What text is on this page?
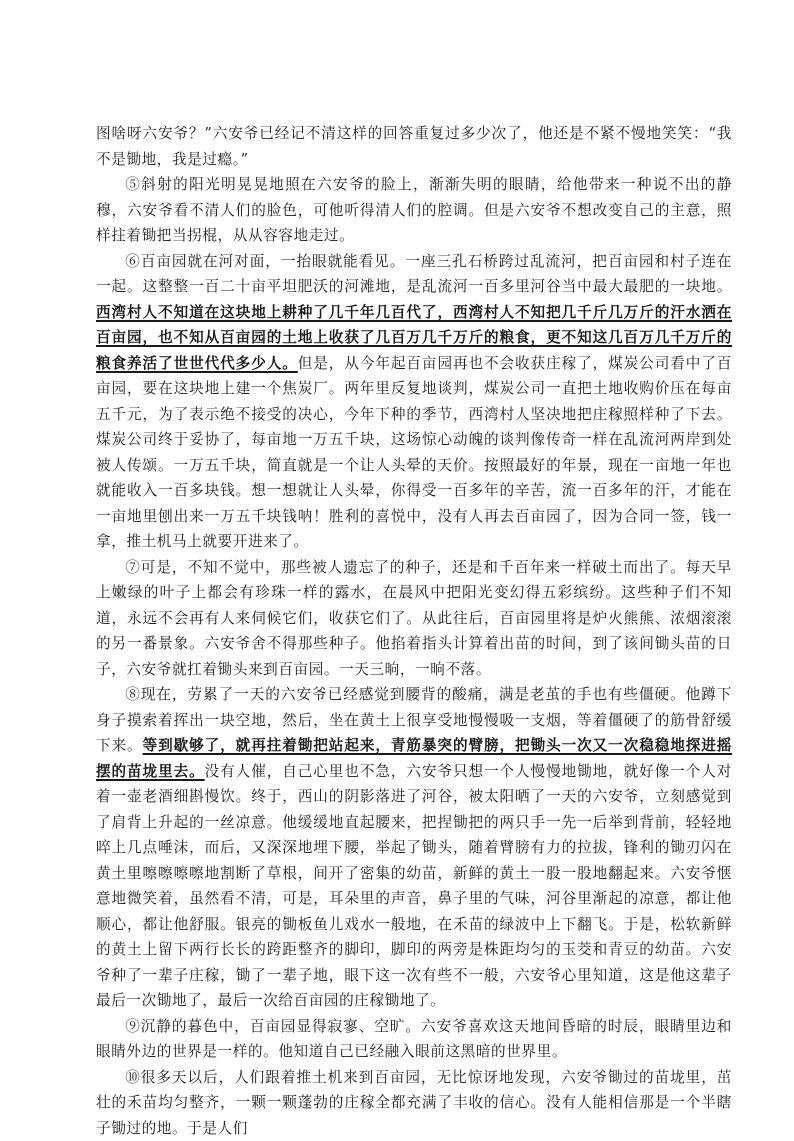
图啥呀六安爷？”六安爷已经记不清这样的回答重复过多少次了，他还是不紧不慢地笑笑：“我不是锄地，我是过瘾。”

⑤斜射的阳光明晃晃地照在六安爷的脸上，渐渐失明的眼睛，给他带来一种说不出的静穆，六安爷看不清人们的脸色，可他听得清人们的腔调。但是六安爷不想改变自己的主意，照样拄着锄把当拐棍，从从容容地走过。

⑥百亩园就在河对面，一抬眼就能看见。一座三孔石桥跨过乱流河，把百亩园和村子连在一起。这整整一百二十亩平坦肥沃的河滩地，是乱流河一百多里河谷当中最大最肥的一块地。西湾村人不知道在这块地上耕种了几千年几百代了，西湾村人不知把几千斤几万斤的汗水洒在百亩园，也不知从百亩园的土地上收获了几百万几千万斤的粮食，更不知这几百万几千万斤的粮食养活了世世代代多少人。但是，从今年起百亩园再也不会收获庄稼了，煤炭公司看中了百亩园，要在这块地上建一个焦炭厂。两年里反复地谈判，煤炭公司一直把土地收购价压在每亩五千元，为了表示绝不接受的决心，今年下种的季节，西湾村人坚决地把庄稼照样种了下去。煤炭公司终于妥协了，每亩地一万五千块，这场惊心动魄的谈判像传奇一样在乱流河两岸到处被人传颂。一万五千块，简直就是一个让人头晕的天价。按照最好的年景，现在一亩地一年也就能收入一百多块钱。想一想就让人头晕，你得受一百多年的辛苦，流一百多年的汗，才能在一亩地里刨出来一万五千块钱呐！胜利的喜悦中，没有人再去百亩园了，因为合同一签，钱一拿，推土机马上就要开进来了。

⑦可是，不知不觉中，那些被人遗忘了的种子，还是和千百年来一样破土而出了。每天早上嫩绿的叶子上都会有珍珠一样的露水，在晨风中把阳光变幻得五彩缤纷。这些种子们不知道，永远不会再有人来伺候它们，收获它们了。从此往后，百亩园里将是炉火熊熊、浓烟滚滚的另一番景象。六安爷舍不得那些种子。他掐着指头计算着出苗的时间，到了该间锄头苗的日子，六安爷就扛着锄头来到百亩园。一天三晌，一晌不落。

⑧现在，劳累了一天的六安爷已经感觉到腰背的酸痛，满是老茧的手也有些僵硬。他蹲下身子摸索着挥出一块空地，然后，坐在黄土上很享受地慢慢吸一支烟，等着僵硬了的筋骨舒缓下来。等到歇够了，就再拄着锄把站起来，青筋暴突的臂膀，把锄头一次又一次稳稳地探进摇摆的苗垅里去。没有人催，自己心里也不急，六安爷只想一个人慢慢地锄地，就好像一个人对着一壶老酒细斟慢饮。终于，西山的阴影落进了河谷，被太阳晒了一天的六安爷，立刻感觉到了肩背上升起的一丝凉意。他缓缓地直起腰来，把捏锄把的两只手一先一后举到背前，轻轻地啐上几点唾沫，而后，又深深地埋下腰，举起了锄头，随着臂膀有力的拉拔，锋利的锄刃闪在黄土里嚓嚓嚓嚓地割断了草根，间开了密集的幼苗，新鲜的黄土一股一股地翻起来。六安爷惬意地微笑着，虽然看不清，可是，耳朵里的声音，鼻子里的气味，河谷里渐起的凉意，都让他顺心，都让他舒服。银亮的锄板鱼儿戏水一般地，在禾苗的绿波中上下翻飞。于是，松软新鲜的黄土上留下两行长长的跨距整齐的脚印，脚印的两旁是株距均匀的玉茭和青豆的幼苗。六安爷种了一辈子庄稼，锄了一辈子地，眼下这一次有些不一般，六安爷心里知道，这是他这辈子最后一次锄地了，最后一次给百亩园的庄稼锄地了。

⑨沉静的暮色中，百亩园显得寂寥、空旷。六安爷喜欢这天地间昏暗的时辰，眼睛里边和眼睛外边的世界是一样的。他知道自己已经融入眼前这黑暗的世界里。

⑩很多天以后，人们跟着推土机来到百亩园，无比惊讶地发现，六安爷锄过的苗垅里，茁壮的禾苗均匀整齐，一颗一颗蓬勃的庄稼全都充满了丰收的信心。没有人能相信那是一个半瞎子锄过的地。于是人们
